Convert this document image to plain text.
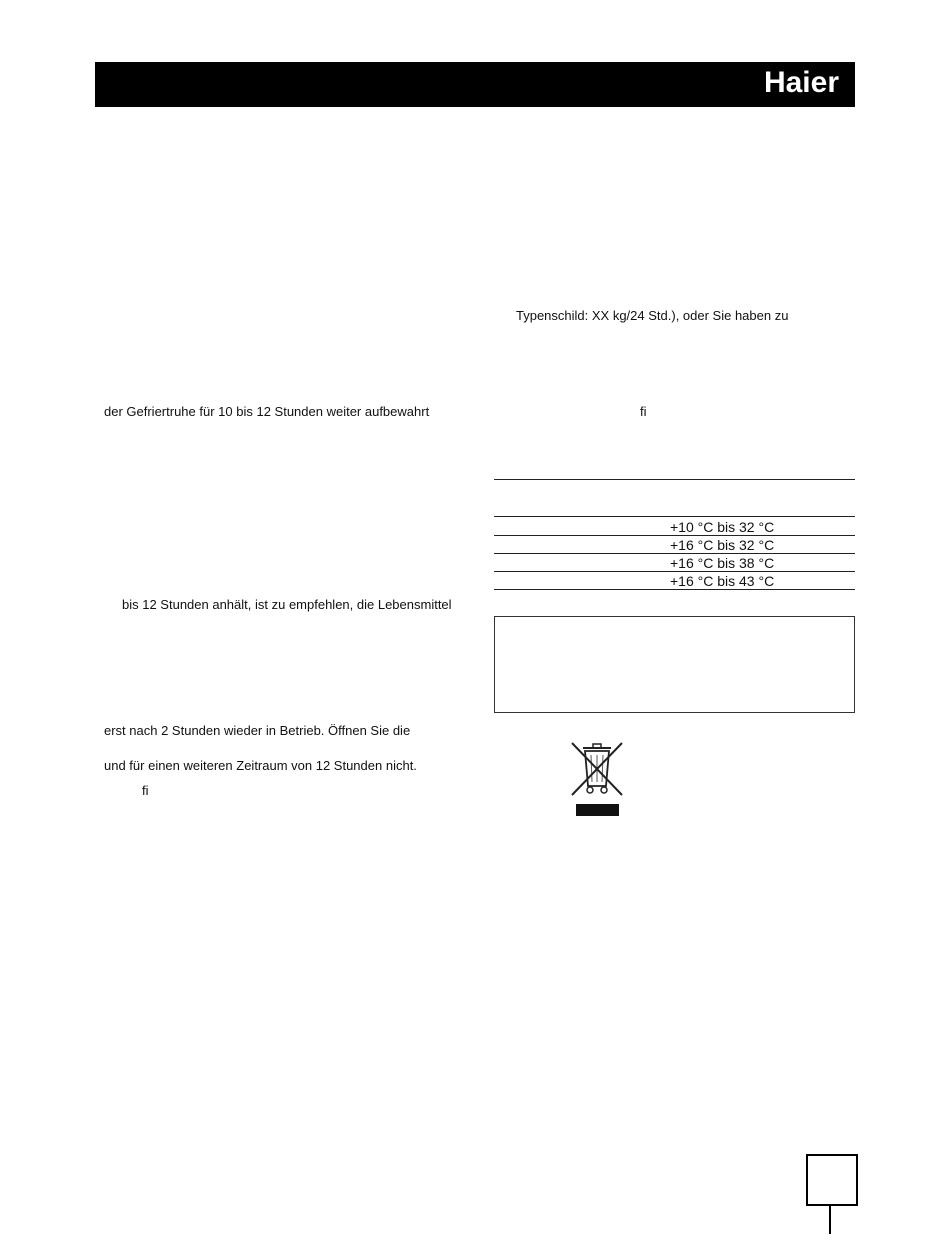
Haier
der Gefriertruhe für 10 bis 12 Stunden weiter aufbewahrt
bis 12 Stunden anhält, ist zu empfehlen, die Lebensmittel
erst nach 2 Stunden wieder in Betrieb. Öffnen Sie die
und für einen weiteren Zeitraum von 12 Stunden nicht.
fi
Typenschild: XX kg/24 Std.), oder Sie haben zu
fi
+10 °C bis 32 °C
+16 °C bis 32 °C
+16 °C bis 38 °C
+16 °C bis 43 °C
